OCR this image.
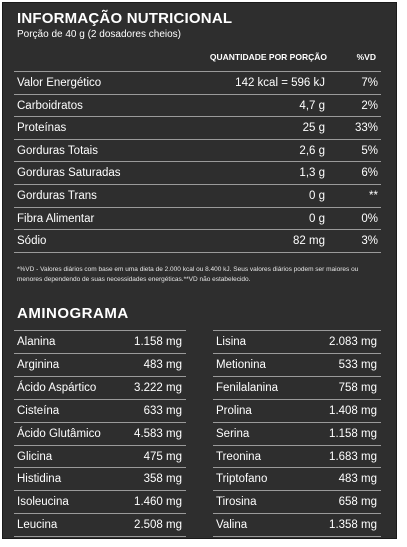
INFORMAÇÃO NUTRICIONAL
Porção de 40 g (2 dosadores cheios)
QUANTIDADE POR PORÇÃO	%VD
Valor Energético	142 kcal = 596 kJ	7%
Carboidratos	4,7 g	2%
Proteínas	25 g	33%
Gorduras Totais	2,6 g	5%
Gorduras Saturadas	1,3 g	6%
Gorduras Trans	0 g	**
Fibra Alimentar	0 g	0%
Sódio	82 mg	3%
*%VD - Valores diários com base em uma dieta de 2.000 kcal ou 8.400 kJ. Seus valores diários podem ser maiores ou menores dependendo de suas necessidades energéticas.**VD não estabelecido.
AMINOGRAMA
Alanina	1.158 mg
Arginina	483 mg
Ácido Aspártico	3.222 mg
Cisteína	633 mg
Ácido Glutâmico	4.583 mg
Glicina	475 mg
Histidina	358 mg
Isoleucina	1.460 mg
Leucina	2.508 mg
Lisina	2.083 mg
Metionina	533 mg
Fenilalanina	758 mg
Prolina	1.408 mg
Serina	1.158 mg
Treonina	1.683 mg
Triptofano	483 mg
Tirosina	658 mg
Valina	1.358 mg
